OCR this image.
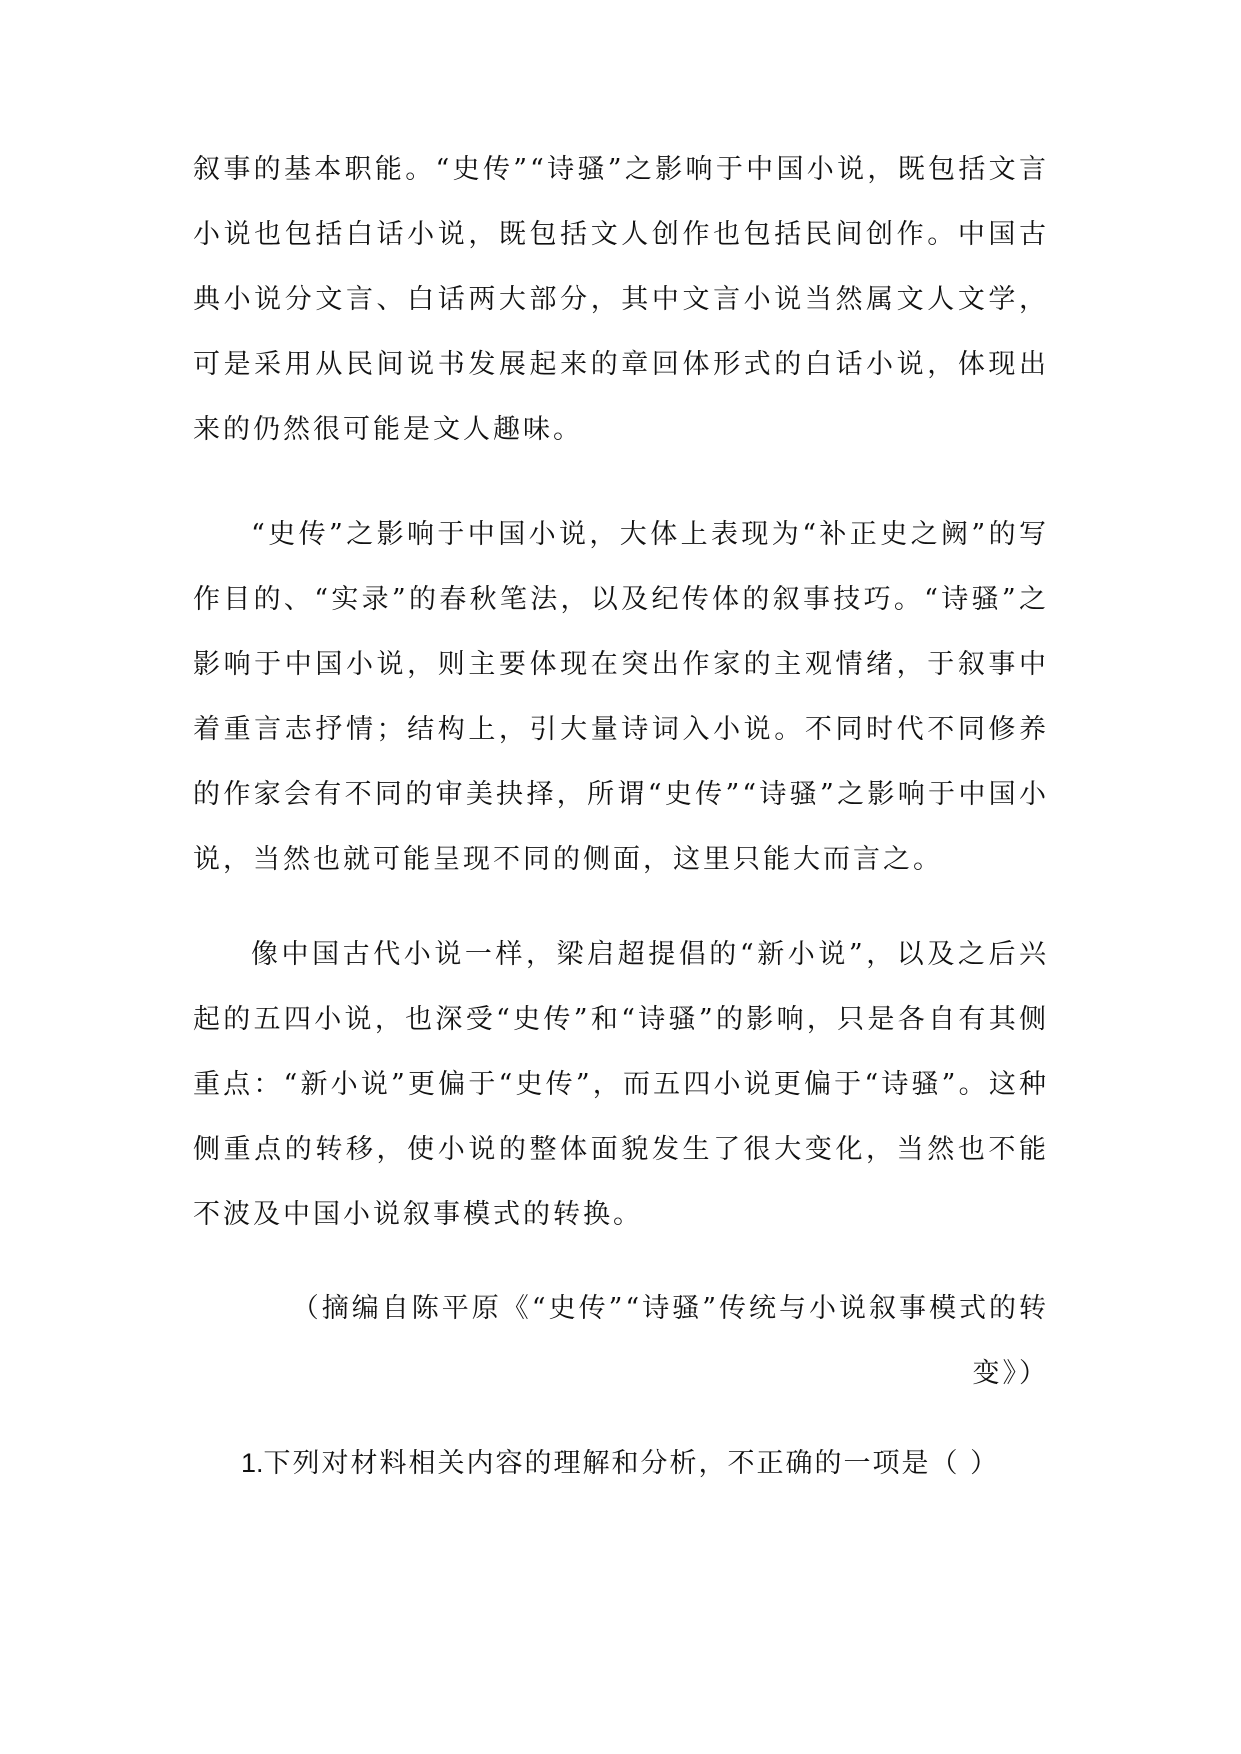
叙事的基本职能。“史传”“诗骚”之影响于中国小说，既包括文言小说也包括白话小说，既包括文人创作也包括民间创作。中国古典小说分文言、白话两大部分，其中文言小说当然属文人文学，可是采用从民间说书发展起来的章回体形式的白话小说，体现出来的仍然很可能是文人趣味。

“史传”之影响于中国小说，大体上表现为“补正史之阙”的写作目的、“实录”的春秋笔法，以及纪传体的叙事技巧。“诗骚”之影响于中国小说，则主要体现在突出作家的主观情绪，于叙事中着重言志抒情；结构上，引大量诗词入小说。不同时代不同修养的作家会有不同的审美抉择，所谓“史传”“诗骚”之影响于中国小说，当然也就可能呈现不同的侧面，这里只能大而言之。

像中国古代小说一样，梁启超提倡的“新小说”，以及之后兴起的五四小说，也深受“史传”和“诗骚”的影响，只是各自有其侧重点：“新小说”更偏于“史传”，而五四小说更偏于“诗骚”。这种侧重点的转移，使小说的整体面貌发生了很大变化，当然也不能不波及中国小说叙事模式的转换。

（摘编自陈平原《“史传”“诗骚”传统与小说叙事模式的转变》）

1.下列对材料相关内容的理解和分析，不正确的一项是（ ）
